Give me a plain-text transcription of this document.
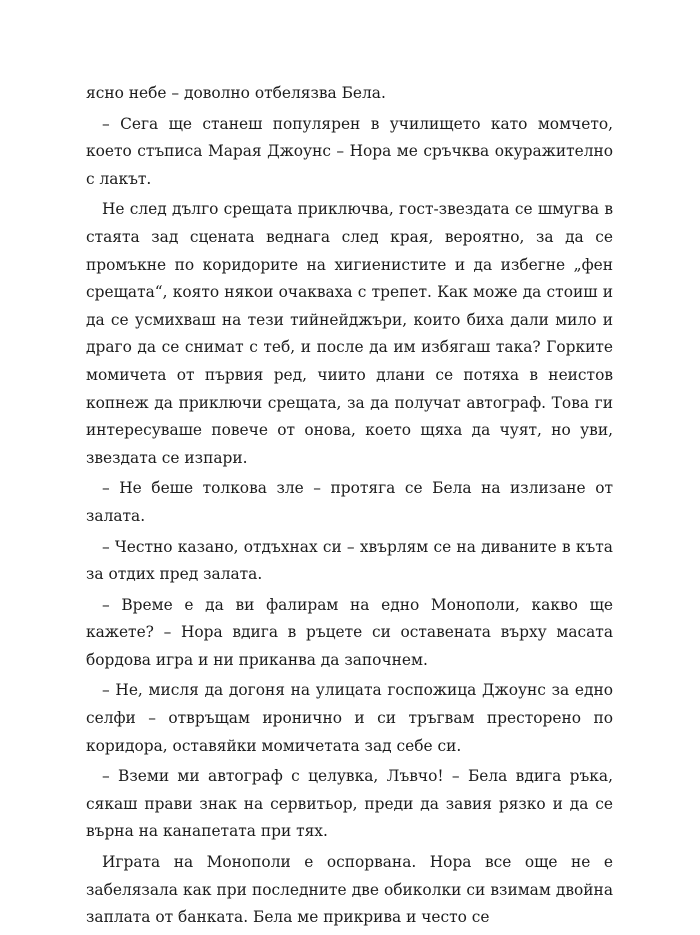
ясно небе – доволно отбелязва Бела.

– Сега ще станеш популярен в училището като момчето, което стъписа Марая Джоунс – Нора ме сръчква окуражително с лакът.

Не след дълго срещата приключва, гост-звездата се шмугва в стаята зад сцената веднага след края, вероятно, за да се промъкне по коридорите на хигиенистите и да избегне „фен срещата“, която някои очакваха с трепет. Как може да стоиш и да се усмихваш на тези тийнейджъри, които биха дали мило и драго да се снимат с теб, и после да им избягаш така? Горките момичета от първия ред, чиито длани се потяха в неистов копнеж да приключи срещата, за да получат автограф. Това ги интересуваше повече от онова, което щяха да чуят, но уви, звездата се изпари.

– Не беше толкова зле – протяга се Бела на излизане от залата.

– Честно казано, отдъхнах си – хвърлям се на диваните в кътa за отдих пред залата.

– Време е да ви фалирам на едно Монополи, какво ще кажете? – Нора вдига в ръцете си оставената върху масата бордова игра и ни приканва да започнем.

– Не, мисля да догоня на улицата госпожица Джоунс за едно селфи – отвръщам иронично и си тръгвам престорено по коридора, оставяйки момичетата зад себе си.

– Вземи ми автограф с целувка, Лъвчо! – Бела вдига ръка, сякаш прави знак на сервитьор, преди да завия рязко и да се върна на канапетата при тях.

Играта на Монополи е оспорвана. Нора все още не е забелязала как при последните две обиколки си взимам двойна заплата от банката. Бела ме прикрива и често се
